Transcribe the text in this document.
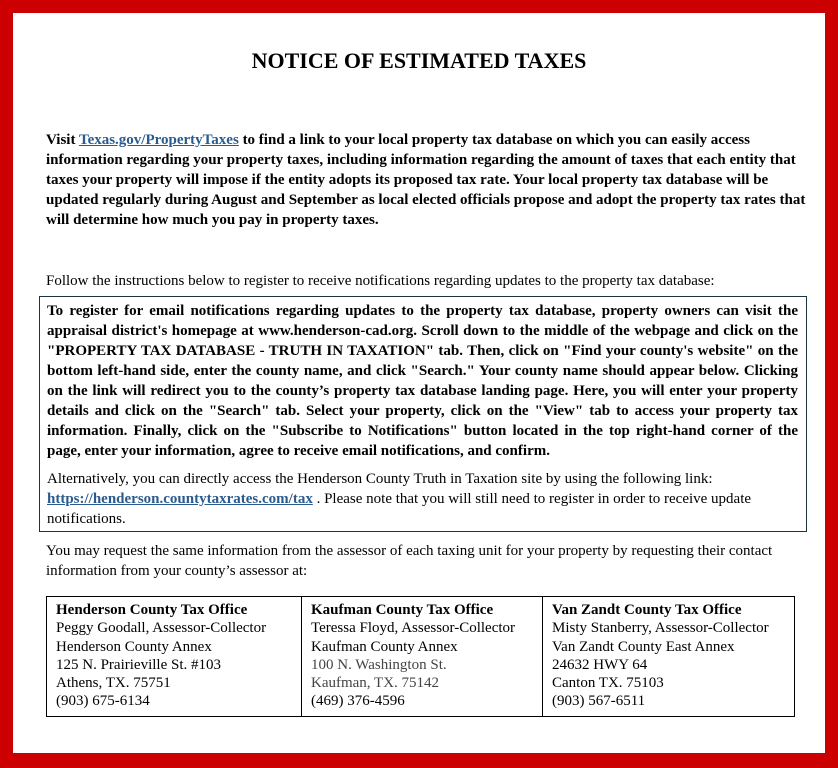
NOTICE OF ESTIMATED TAXES
Visit Texas.gov/PropertyTaxes to find a link to your local property tax database on which you can easily access information regarding your property taxes, including information regarding the amount of taxes that each entity that taxes your property will impose if the entity adopts its proposed tax rate. Your local property tax database will be updated regularly during August and September as local elected officials propose and adopt the property tax rates that will determine how much you pay in property taxes.
Follow the instructions below to register to receive notifications regarding updates to the property tax database:
To register for email notifications regarding updates to the property tax database, property owners can visit the appraisal district's homepage at www.henderson-cad.org. Scroll down to the middle of the webpage and click on the "PROPERTY TAX DATABASE - TRUTH IN TAXATION" tab. Then, click on "Find your county's website" on the bottom left-hand side, enter the county name, and click "Search." Your county name should appear below. Clicking on the link will redirect you to the county’s property tax database landing page. Here, you will enter your property details and click on the "Search" tab. Select your property, click on the "View" tab to access your property tax information. Finally, click on the "Subscribe to Notifications" button located in the top right-hand corner of the page, enter your information, agree to receive email notifications, and confirm.
Alternatively, you can directly access the Henderson County Truth in Taxation site by using the following link: https://henderson.countytaxrates.com/tax . Please note that you will still need to register in order to receive update notifications.
You may request the same information from the assessor of each taxing unit for your property by requesting their contact information from your county’s assessor at:
Henderson County Tax Office
Peggy Goodall, Assessor-Collector
Henderson County Annex
125 N. Prairieville St. #103
Athens, TX. 75751
(903) 675-6134

Kaufman County Tax Office
Teressa Floyd, Assessor-Collector
Kaufman County Annex
100 N. Washington St.
Kaufman, TX. 75142
(469) 376-4596

Van Zandt County Tax Office
Misty Stanberry, Assessor-Collector
Van Zandt County East Annex
24632 HWY 64
Canton TX. 75103
(903) 567-6511
